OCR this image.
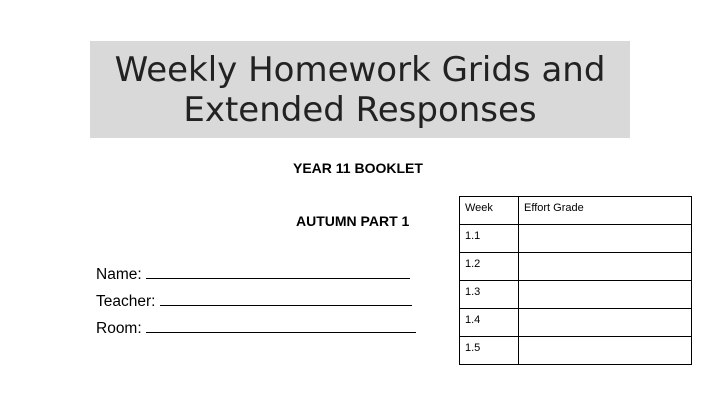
Weekly Homework Grids and
Extended Responses
YEAR 11 BOOKLET
AUTUMN PART 1
Name:
Teacher:
Room:
Week	Effort Grade
1.1	
1.2	
1.3	
1.4	
1.5	
